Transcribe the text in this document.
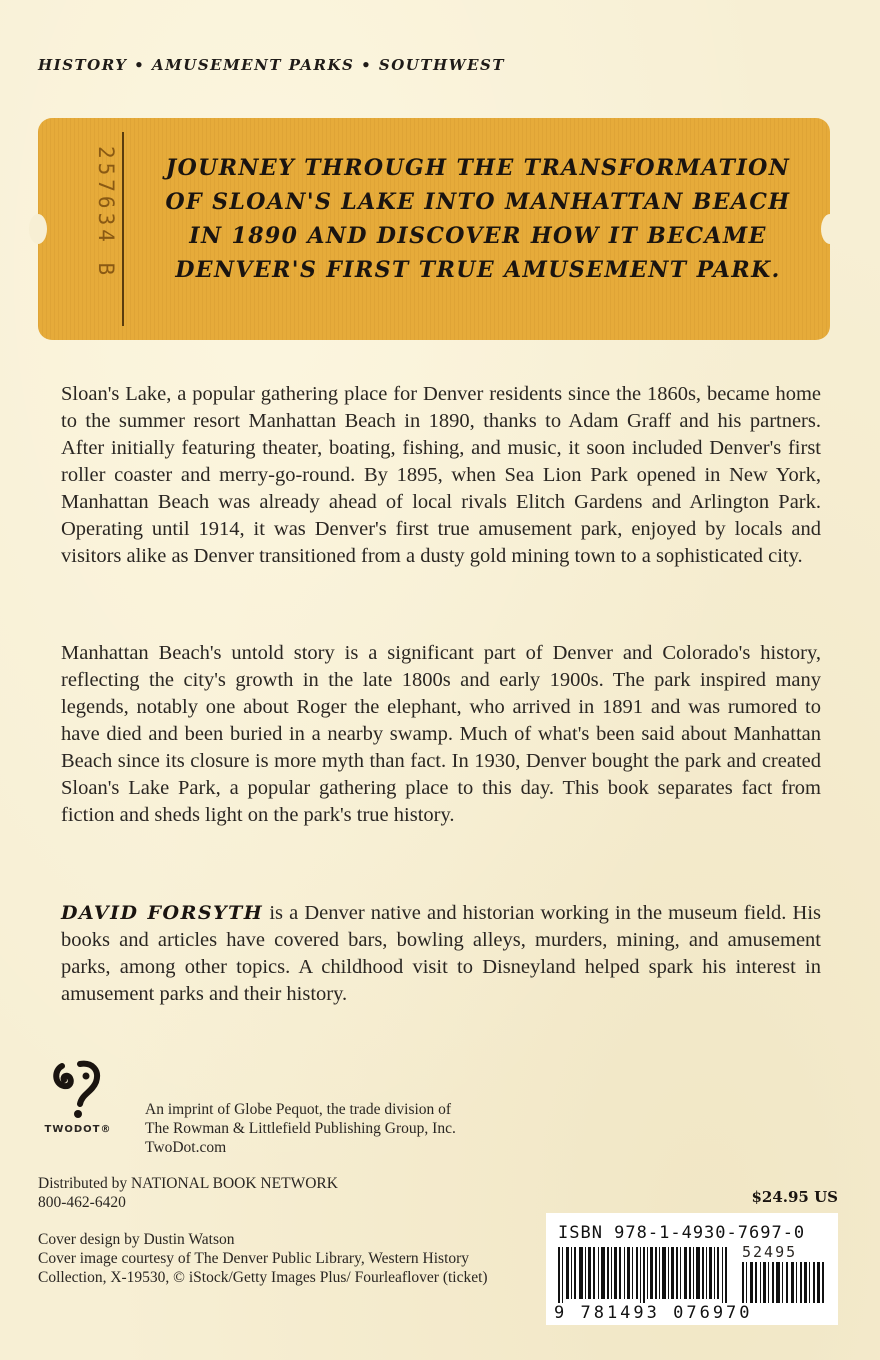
HISTORY • AMUSEMENT PARKS • SOUTHWEST
257634 B	JOURNEY THROUGH THE TRANSFORMATION OF SLOAN'S LAKE INTO MANHATTAN BEACH IN 1890 AND DISCOVER HOW IT BECAME DENVER'S FIRST TRUE AMUSEMENT PARK.
Sloan's Lake, a popular gathering place for Denver residents since the 1860s, became home to the summer resort Manhattan Beach in 1890, thanks to Adam Graff and his partners. After initially featuring theater, boating, fishing, and music, it soon included Denver's first roller coaster and merry-go-round. By 1895, when Sea Lion Park opened in New York, Manhattan Beach was already ahead of local rivals Elitch Gardens and Arlington Park. Operating until 1914, it was Denver's first true amusement park, enjoyed by locals and visitors alike as Denver transitioned from a dusty gold mining town to a sophisticated city.
Manhattan Beach's untold story is a significant part of Denver and Colorado's history, reflecting the city's growth in the late 1800s and early 1900s. The park inspired many legends, notably one about Roger the elephant, who arrived in 1891 and was rumored to have died and been buried in a nearby swamp. Much of what's been said about Manhattan Beach since its closure is more myth than fact. In 1930, Denver bought the park and created Sloan's Lake Park, a popular gathering place to this day. This book separates fact from fiction and sheds light on the park's true history.
DAVID FORSYTH is a Denver native and historian working in the museum field. His books and articles have covered bars, bowling alleys, murders, mining, and amusement parks, among other topics. A childhood visit to Disneyland helped spark his interest in amusement parks and their history.
TWODOT®
An imprint of Globe Pequot, the trade division of
The Rowman & Littlefield Publishing Group, Inc.
TwoDot.com
Distributed by NATIONAL BOOK NETWORK
800-462-6420
Cover design by Dustin Watson
Cover image courtesy of The Denver Public Library, Western History Collection, X-19530, © iStock/Getty Images Plus/ Fourleaflover (ticket)
$24.95 US
ISBN 978-1-4930-7697-0
52495
9 781493 076970
